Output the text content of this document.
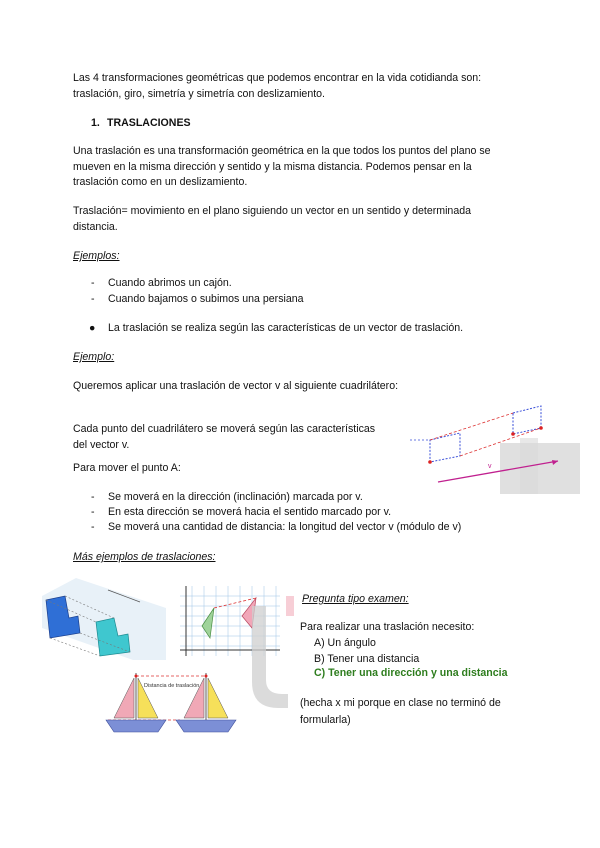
Las 4 transformaciones geométricas que podemos encontrar en la vida cotidianda son:
traslación, giro, simetría y simetría con deslizamiento.
1. TRASLACIONES
Una traslación es una transformación geométrica en la que todos los puntos del plano se
mueven en la misma dirección y sentido y la misma distancia. Podemos pensar en la
traslación como en un deslizamiento.
Traslación= movimiento en el plano siguiendo un vector en un sentido y determinada
distancia.
Ejemplos:
- Cuando abrimos un cajón.
- Cuando bajamos o subimos una persiana
● La traslación se realiza según las características de un vector de traslación.
Ejemplo:
Queremos aplicar una traslación de vector v al siguiente cuadrilátero:
Cada punto del cuadrilátero se moverá según las características
del vector v.
Para mover el punto A:	v
- Se moverá en la dirección (inclinación) marcada por v.
- En esta dirección se moverá hacia el sentido marcado por v.
- Se moverá una cantidad de distancia: la longitud del vector v (módulo de v)
Más ejemplos de traslaciones:
Distancia de traslación
Pregunta tipo examen:
Para realizar una traslación necesito:
A) Un ángulo
B) Tener una distancia
C) Tener una dirección y una distancia
(hecha x mi porque en clase no terminó de
formularla)
